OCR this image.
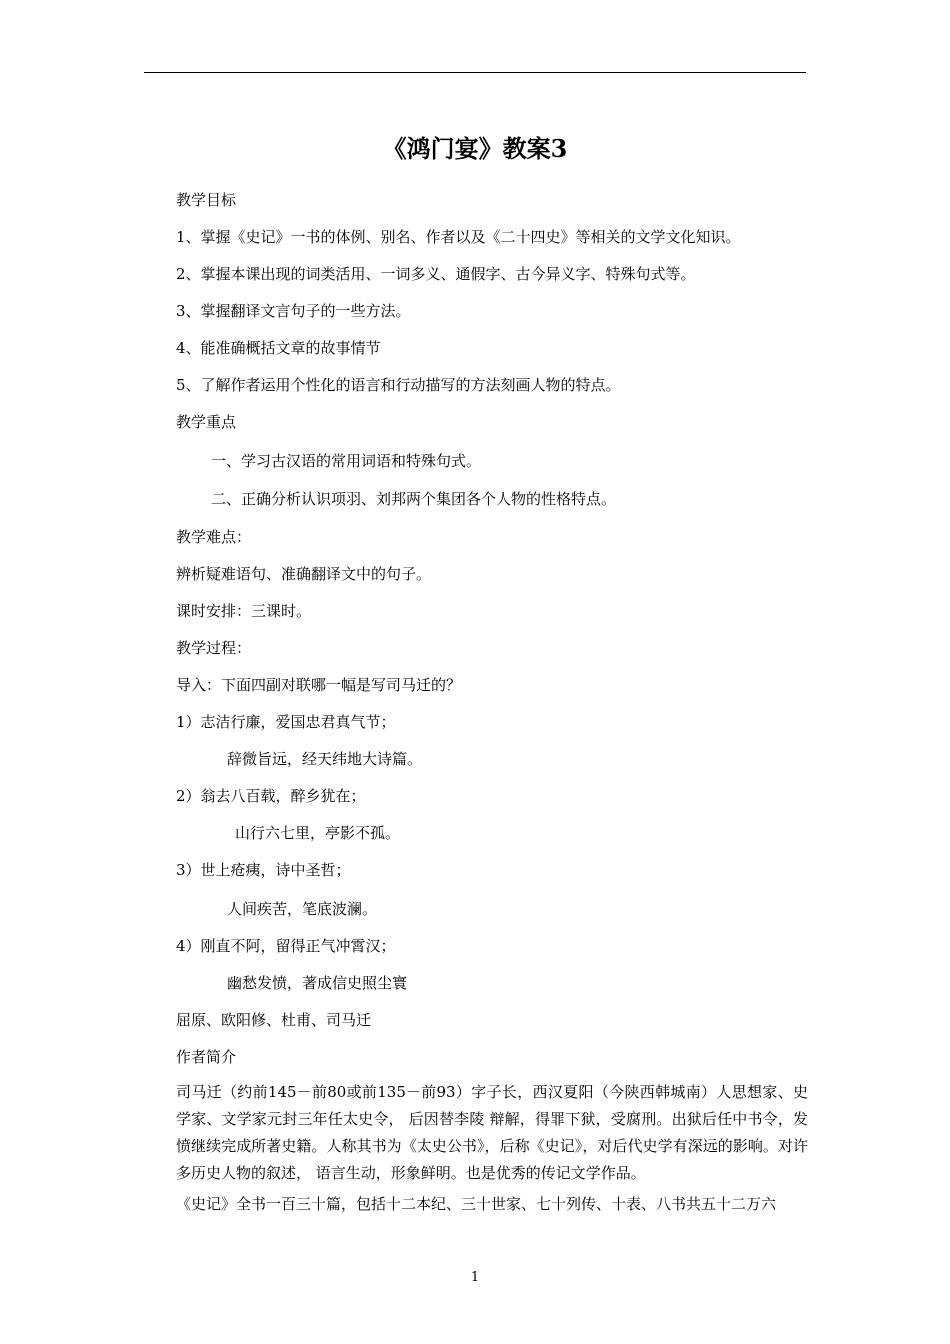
《鸿门宴》教案3
教学目标
1、掌握《史记》一书的体例、别名、作者以及《二十四史》等相关的文学文化知识。
2、掌握本课出现的词类活用、一词多义、通假字、古今异义字、特殊句式等。
3、掌握翻译文言句子的一些方法。
4、能准确概括文章的故事情节
5、了解作者运用个性化的语言和行动描写的方法刻画人物的特点。
教学重点
一、学习古汉语的常用词语和特殊句式。
二、正确分析认识项羽、刘邦两个集团各个人物的性格特点。
教学难点：
辨析疑难语句、准确翻译文中的句子。
课时安排：三课时。
教学过程：
导入：下面四副对联哪一幅是写司马迁的？
1）志洁行廉，爱国忠君真气节；
辞微旨远，经天纬地大诗篇。
2）翁去八百载，醉乡犹在；
山行六七里，亭影不孤。
3）世上疮痍，诗中圣哲；
人间疾苦，笔底波澜。
4）刚直不阿，留得正气冲霄汉；
幽愁发愤，著成信史照尘寰
屈原、欧阳修、杜甫、司马迁
作者简介
司马迁（约前145－前80或前135－前93）字子长，西汉夏阳（今陕西韩城南）人思想家、史学家、文学家元封三年任太史令， 后因替李陵 辩解，得罪下狱，受腐刑。出狱后任中书令，发愤继续完成所著史籍。人称其书为《太史公书》，后称《史记》，对后代史学有深远的影响。对许多历史人物的叙述， 语言生动，形象鲜明。也是优秀的传记文学作品。
《史记》全书一百三十篇，包括十二本纪、三十世家、七十列传、十表、八书共五十二万六
1
